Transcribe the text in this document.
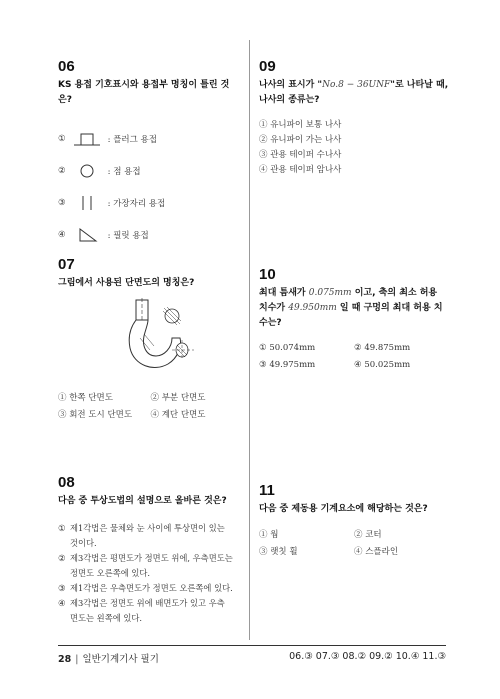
06
KS 용접 기호표시와 용접부 명칭이 틀린 것은?
①	: 플러그 용접
②	: 점 용접
③	: 가장자리 용접
④	: 필릿 용접
07
그림에서 사용된 단면도의 명칭은?
① 한쪽 단면도	② 부분 단면도
③ 회전 도시 단면도	④ 계단 단면도
08
다음 중 투상도법의 설명으로 올바른 것은?
① 제1각법은 물체와 눈 사이에 투상면이 있는
것이다.
② 제3각법은 평면도가 정면도 위에, 우측면도는
정면도 오른쪽에 있다.
③ 제1각법은 우측면도가 정면도 오른쪽에 있다.
④ 제3각법은 정면도 위에 배면도가 있고 우측
면도는 왼쪽에 있다.
09
나사의 표시가 "No.8 − 36UNF"로 나타날 때,
나사의 종류는?
① 유니파이 보통 나사
② 유니파이 가는 나사
③ 관용 테이퍼 수나사
④ 관용 테이퍼 암나사
10
최대 틈새가 0.075mm 이고, 축의 최소 허용
치수가 49.950mm 일 때 구멍의 최대 허용 치수는?
① 50.074mm	② 49.875mm
③ 49.975mm	④ 50.025mm
11
다음 중 제동용 기계요소에 해당하는 것은?
① 웜	② 코터
③ 랫칫 휠	④ 스플라인
28 | 일반기계기사 필기	06.③ 07.③ 08.② 09.② 10.④ 11.③
